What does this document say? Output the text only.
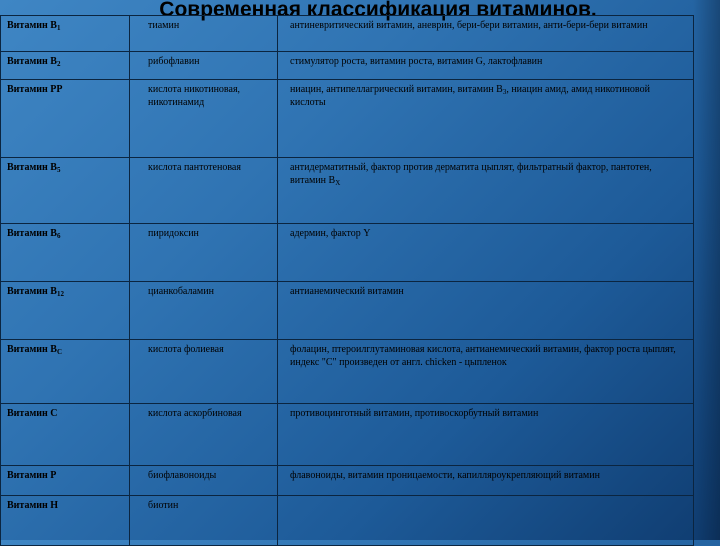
Современная классификация витаминов.
Витамин $B_1$	тиамин	антиневритический витамин, аневрин, бери-бери витамин, анти-бери-бери витамин
Витамин $B_2$	рибофлавин	стимулятор роста, витамин роста, витамин G, лактофлавин
Витамин PP	кислота никотиновая, никотинамид	ниацин, антипеллагрический витамин, витамин $B_3$, ниацин амид, амид никотиновой кислоты
Витамин $B_5$	кислота пантотеновая	антидерматитный, фактор против дерматита цыплят, фильтратный фактор, пантотен, витамин $B_X$
Витамин $B_6$	пиридоксин	адермин, фактор Y
Витамин $B_{12}$	цианкобаламин	антианемический витамин
Витамин $B_C$	кислота фолиевая	фолацин, птероилглутаминовая кислота, антианемический витамин, фактор роста цыплят, индекс "С" произведен от англ. chicken - цыпленок
Витамин C	кислота аскорбиновая	противоцинготный витамин, противоскорбутный витамин
Витамин P	биофлавоноиды	флавоноиды, витамин проницаемости, капилляроукрепляющий витамин
Витамин H	биотин	
